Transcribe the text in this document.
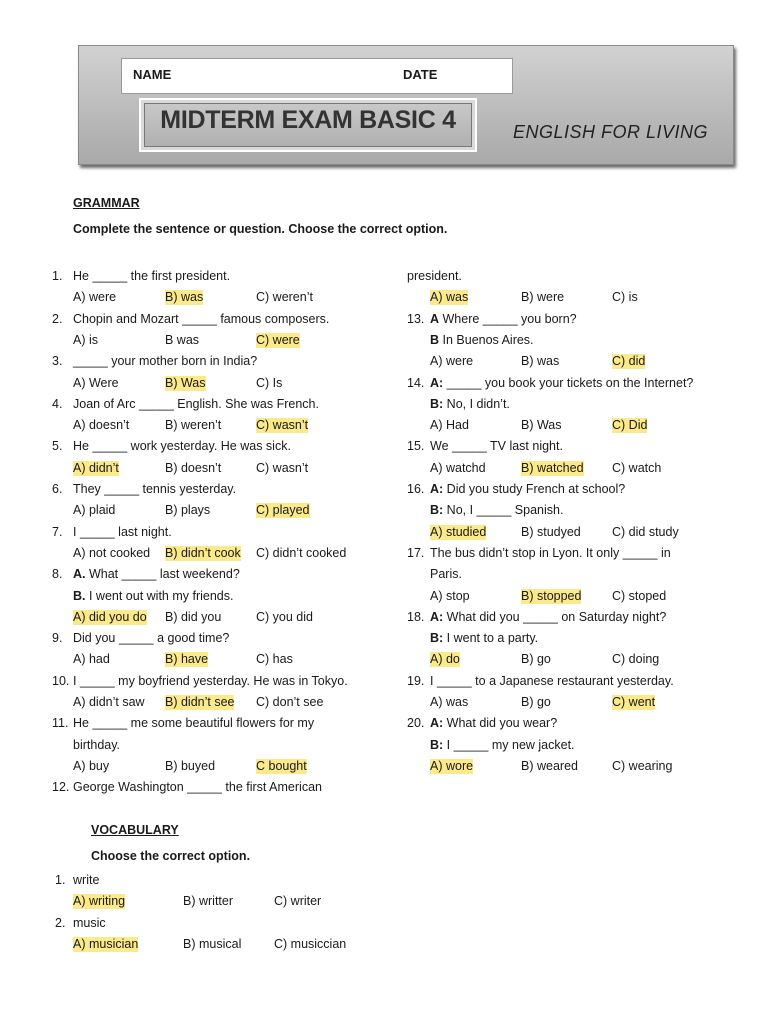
NAME	DATE
MIDTERM EXAM BASIC 4	ENGLISH FOR LIVING
GRAMMAR
Complete the sentence or question. Choose the correct option.
VOCABULARY
Choose the correct option.
1. He _____ the first president.
A) were	B) was	C) weren’t
2. Chopin and Mozart _____ famous composers.
A) is	B was	C) were
3. _____ your mother born in India?
A) Were	B) Was	C) Is
4. Joan of Arc _____ English. She was French.
A) doesn’t	B) weren’t	C) wasn’t
5. He _____ work yesterday. He was sick.
A) didn’t	B) doesn’t	C) wasn’t
6. They _____ tennis yesterday.
A) plaid	B) plays	C) played
7. I _____ last night.
A) not cooked B) didn’t cook C) didn’t cooked
8. A. What _____ last weekend?
B. I went out with my friends.
A) did you do B) did you	C) you did
9. Did you _____ a good time?
A) had	B) have	C) has
10. I _____ my boyfriend yesterday. He was in Tokyo.
A) didn’t saw B) didn’t see C) don’t see
11. He _____ me some beautiful flowers for my
birthday.
A) buy	B) buyed	C bought
12. George Washington _____ the first American
president.
A) was	B) were	C) is
13. A Where _____ you born?
B In Buenos Aires.
A) were	B) was	C) did
14. A: _____ you book your tickets on the Internet?
B: No, I didn’t.
A) Had	B) Was	C) Did
15. We _____ TV last night.
A) watchd	B) watched C) watch
16. A: Did you study French at school?
B: No, I _____ Spanish.
A) studied	B) studyed C) did study
17. The bus didn’t stop in Lyon. It only _____ in
Paris.
A) stop	B) stopped C) stoped
18. A: What did you _____ on Saturday night?
B: I went to a party.
A) do	B) go	C) doing
19. I _____ to a Japanese restaurant yesterday.
A) was	B) go	C) went
20. A: What did you wear?
B: I _____ my new jacket.
A) wore	B) weared	C) wearing
1. write
A) writing	B) writter	C) writer
2. music
A) musician	B) musical	C) musiccian
